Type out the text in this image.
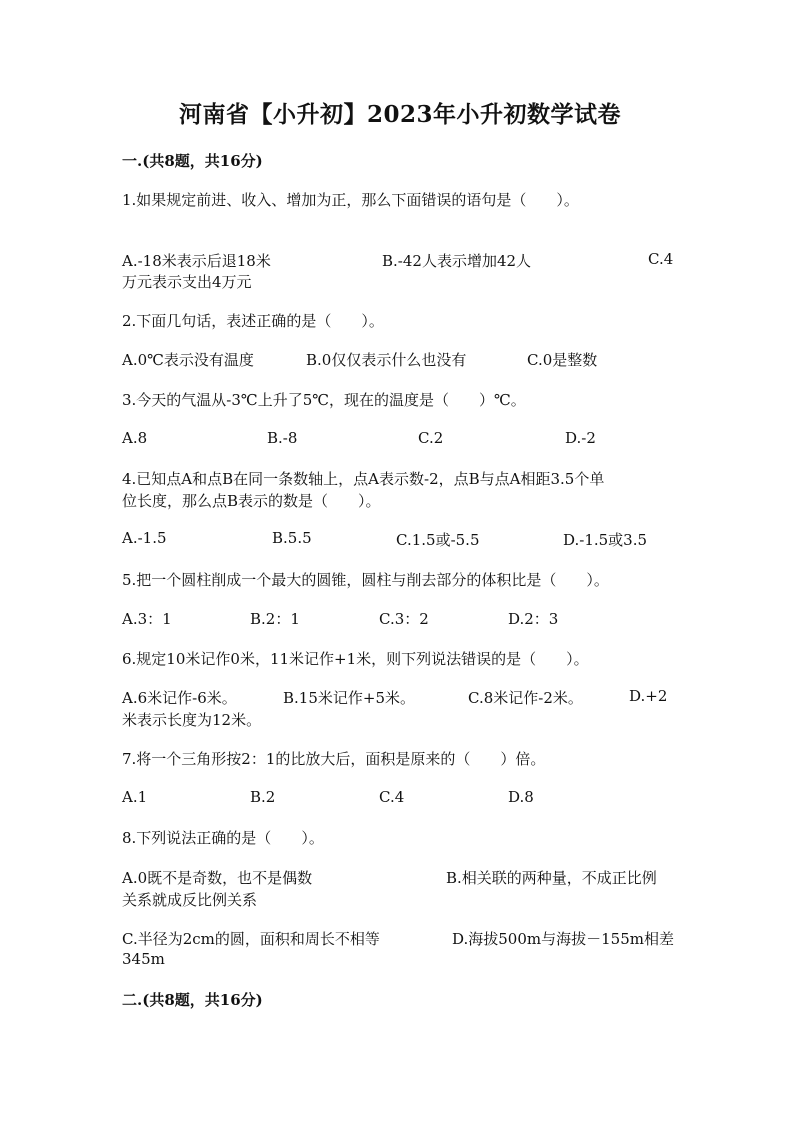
河南省【小升初】2023年小升初数学试卷
一.(共8题，共16分)
1.如果规定前进、收入、增加为正，那么下面错误的语句是（　　）。
A.-18米表示后退18米	B.-42人表示增加42人	C.4
万元表示支出4万元
2.下面几句话，表述正确的是（　　）。
A.0℃表示没有温度	B.0仅仅表示什么也没有	C.0是整数
3.今天的气温从-3℃上升了5℃，现在的温度是（　　）℃。
A.8	B.-8	C.2	D.-2
4.已知点A和点B在同一条数轴上，点A表示数-2，点B与点A相距3.5个单
位长度，那么点B表示的数是（　　）。
A.-1.5	B.5.5	C.1.5或-5.5	D.-1.5或3.5
5.把一个圆柱削成一个最大的圆锥，圆柱与削去部分的体积比是（　　）。
A.3：1	B.2：1	C.3：2	D.2：3
6.规定10米记作0米，11米记作+1米，则下列说法错误的是（　　）。
A.6米记作-6米。	B.15米记作+5米。	C.8米记作-2米。	D.+2
米表示长度为12米。
7.将一个三角形按2：1的比放大后，面积是原来的（　　）倍。
A.1	B.2	C.4	D.8
8.下列说法正确的是（　　）。
A.0既不是奇数，也不是偶数	B.相关联的两种量，不成正比例
关系就成反比例关系
C.半径为2cm的圆，面积和周长不相等	D.海拔500m与海拔－155m相差
345m
二.(共8题，共16分)
